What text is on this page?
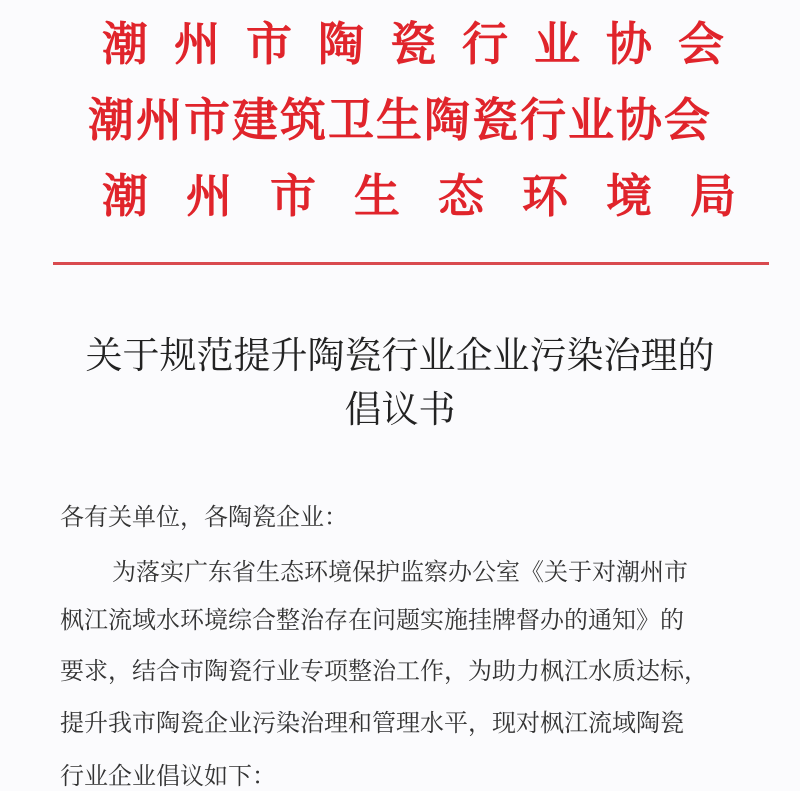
潮州市陶瓷行业协会
潮州市建筑卫生陶瓷行业协会
潮州市生态环境局
关于规范提升陶瓷行业企业污染治理的
倡议书
各有关单位，各陶瓷企业：
为落实广东省生态环境保护监察办公室《关于对潮州市
枫江流域水环境综合整治存在问题实施挂牌督办的通知》的
要求，结合市陶瓷行业专项整治工作，为助力枫江水质达标，
提升我市陶瓷企业污染治理和管理水平，现对枫江流域陶瓷
行业企业倡议如下：
